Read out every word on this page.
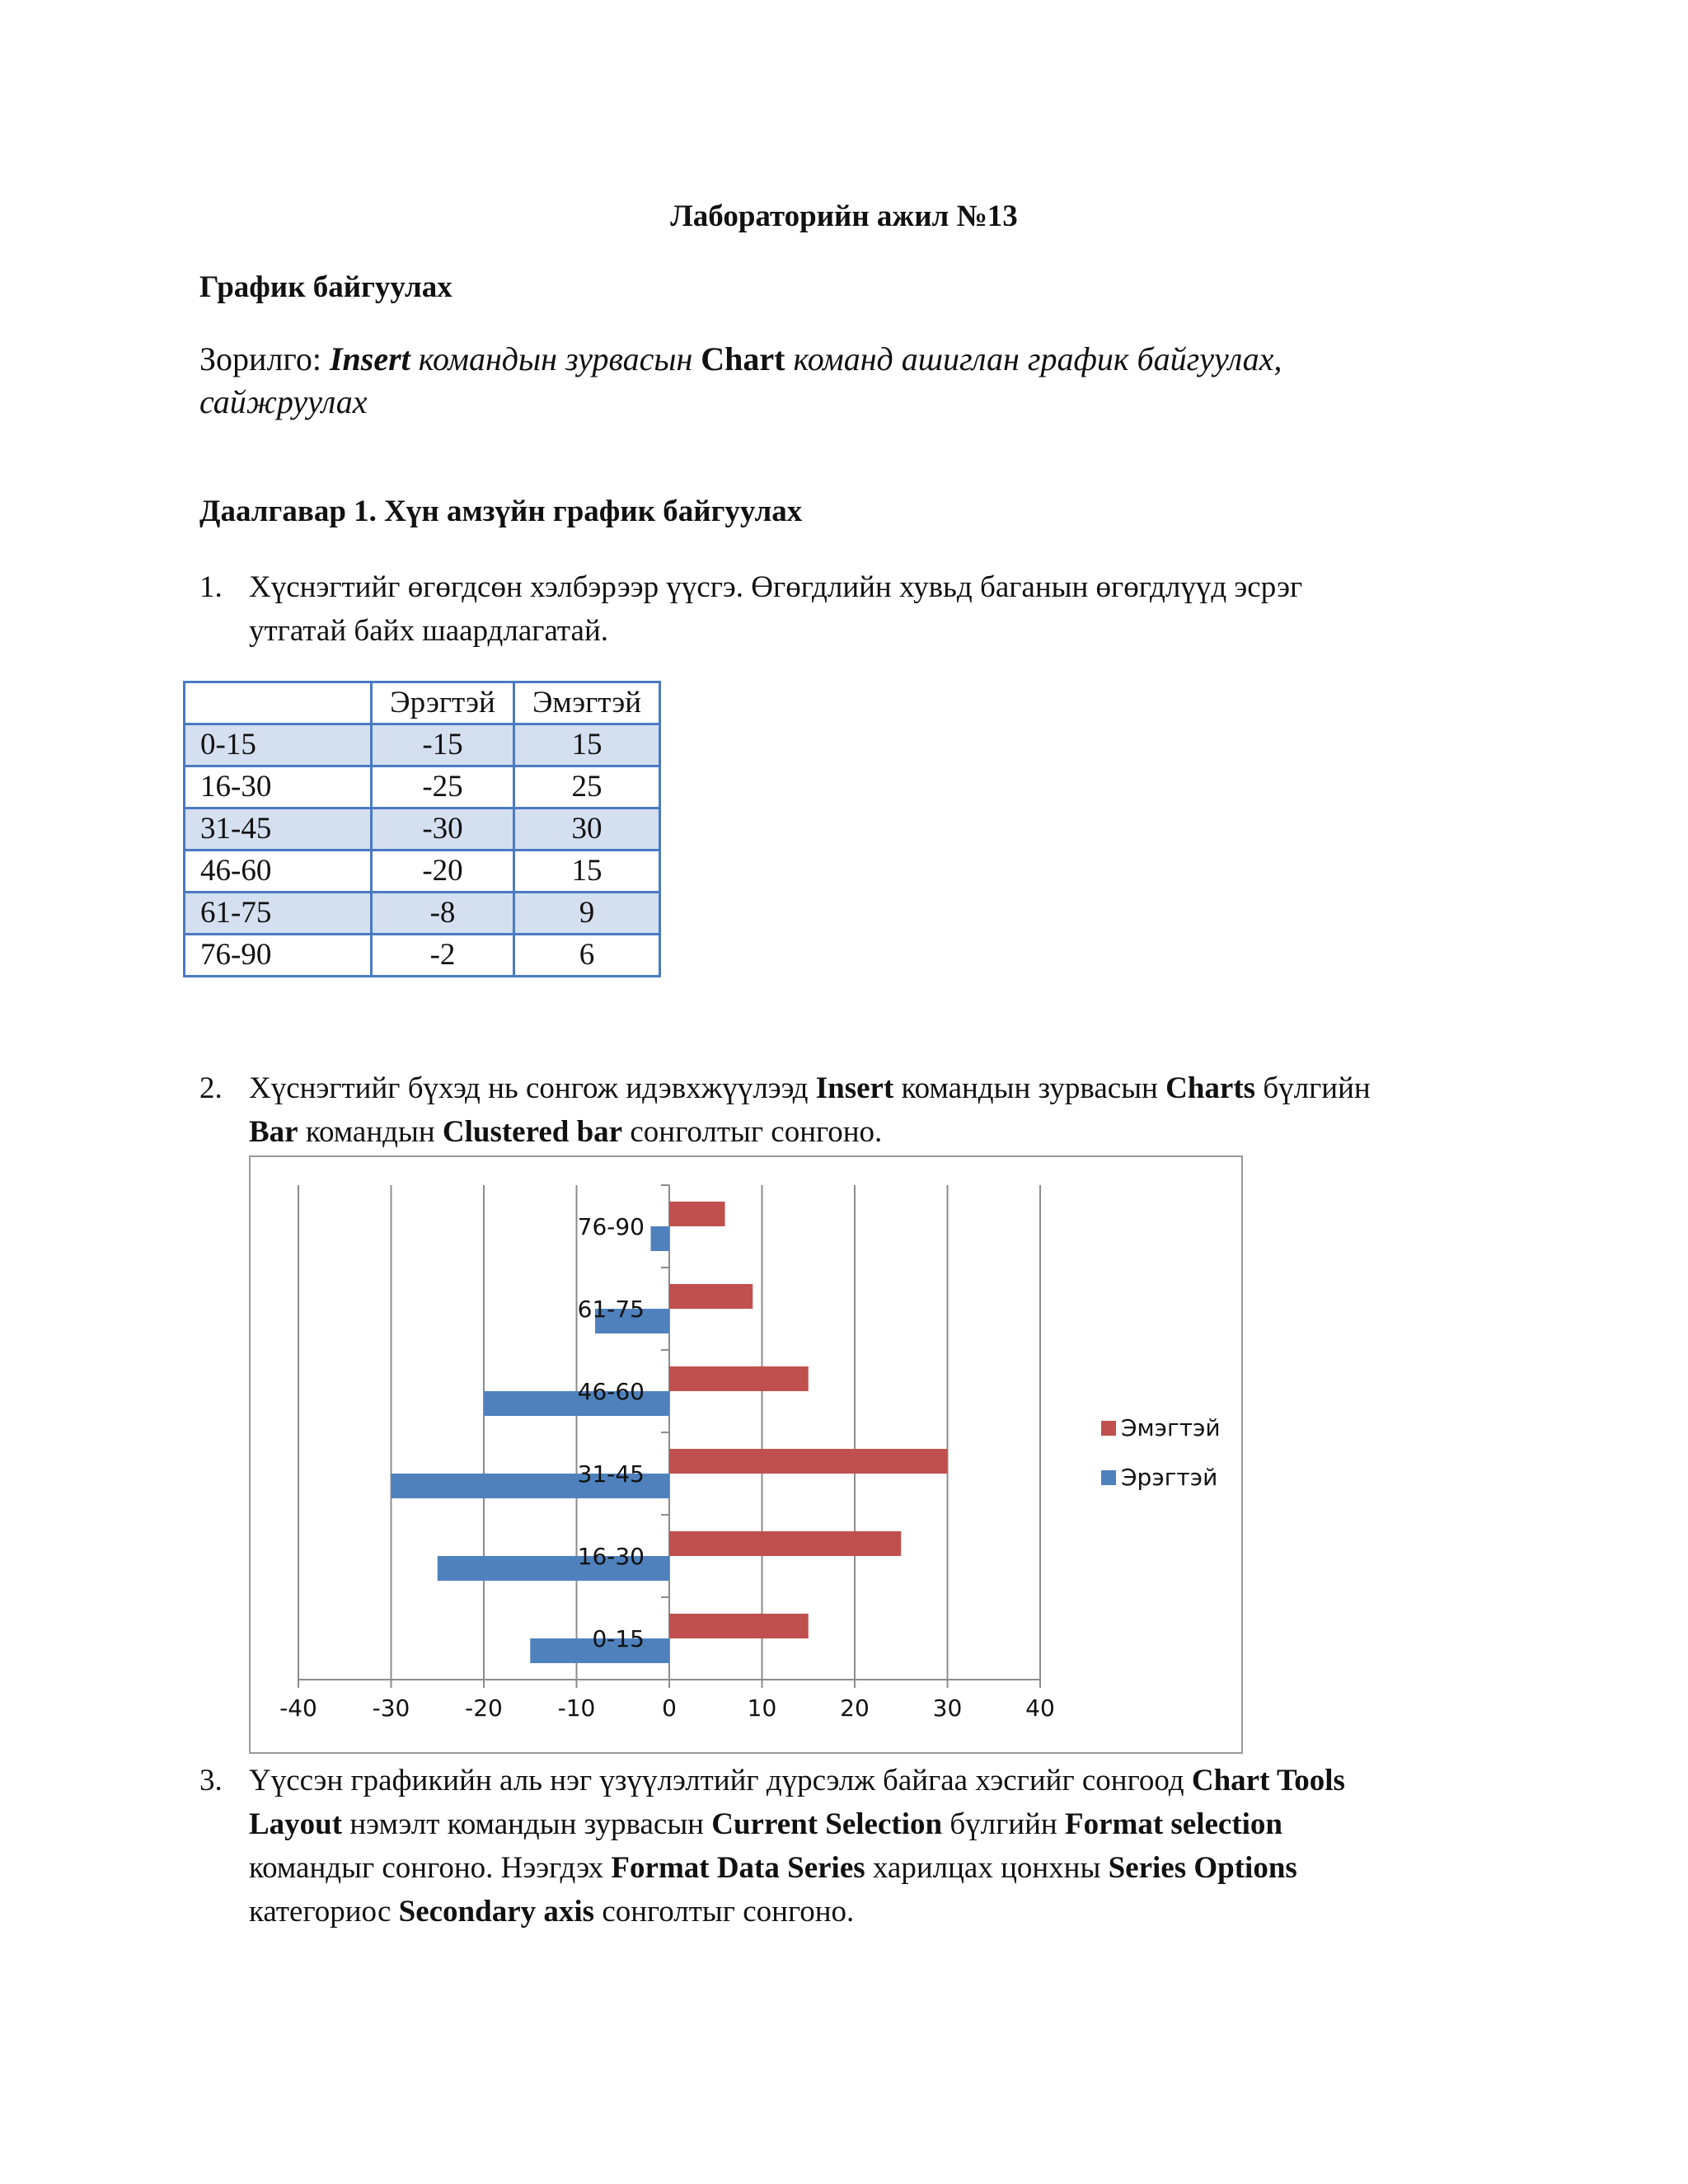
Лабораторийн ажил №13
График байгуулах
Зорилго: Insert командын зурвасын Chart команд ашиглан график байгуулах,
сайжруулах
Даалгавар 1. Хүн амзүйн график байгуулах
1. Хүснэгтийг өгөгдсөн хэлбэрээр үүсгэ. Өгөгдлийн хувьд баганын өгөгдлүүд эсрэг
утгатай байх шаардлагатай.
	Эрэгтэй	Эмэгтэй
0-15	-15	15
16-30	-25	25
31-45	-30	30
46-60	-20	15
61-75	-8	9
76-90	-2	6
2. Хүснэгтийг бүхэд нь сонгож идэвхжүүлээд Insert командын зурвасын Charts бүлгийн
Bar командын Clustered bar сонголтыг сонгоно.
-40 -30 -20 -10	0	10	20	30	40
0-15
16-30
31-45
46-60
61-75
76-90
Эмэгтэй
Эрэгтэй
3. Үүссэн графикийн аль нэг үзүүлэлтийг дүрсэлж байгаа хэсгийг сонгоод Chart Tools
Layout нэмэлт командын зурвасын Current Selection бүлгийн Format selection
командыг сонгоно. Нээгдэх Format Data Series харилцах цонхны Series Options
категориос Secondary axis сонголтыг сонгоно.
